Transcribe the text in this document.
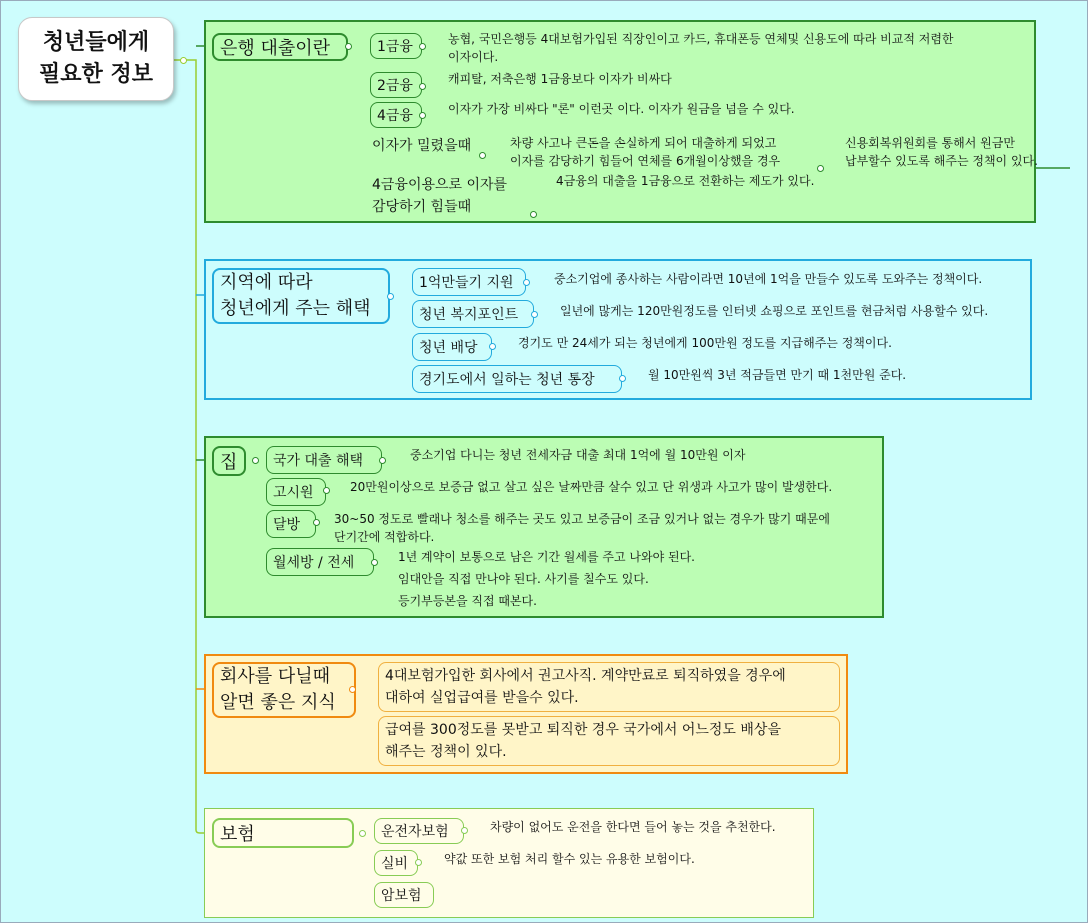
청년들에게
필요한 정보
은행 대출이란	1금융
2금융
4금융
이자가 밀렸을때
4금융이용으로 이자를
감당하기 힘들때
농협, 국민은행등 4대보험가입된 직장인이고 카드, 휴대폰등 연체및 신용도에 따라 비교적 저렴한
이자이다.
캐피탈, 저축은행 1금융보다 이자가 비싸다
이자가 가장 비싸다 "론" 이런곳 이다. 이자가 원금을 넘을 수 있다.
차량 사고나 큰돈을 손실하게 되어 대출하게 되었고
이자를 감당하기 힘들어 연체를 6개월이상했을 경우
신용회복위원회를 통해서 원금만
납부할수 있도록 해주는 정책이 있다.
4금융의 대출을 1금융으로 전환하는 제도가 있다.
지역에 따라
청년에게 주는 해택
1억만들기 지원
청년 복지포인트
청년 배당
경기도에서 일하는 청년 통장
중소기업에 종사하는 사람이라면 10년에 1억을 만들수 있도록 도와주는 정책이다.
일년에 많게는 120만원정도를 인터넷 쇼핑으로 포인트를 현금처럼 사용할수 있다.
경기도 만 24세가 되는 청년에게 100만원 정도를 지급해주는 정책이다.
월 10만원씩 3년 적금들면 만기 때 1천만원 준다.
집	국가 대출 해택
고시원
달방
월세방 / 전세
중소기업 다니는 청년 전세자금 대출 최대 1억에 월 10만원 이자
20만원이상으로 보증금 없고 살고 싶은 날짜만큼 살수 있고 단 위생과 사고가 많이 발생한다.
30~50 정도로 빨래나 청소를 해주는 곳도 있고 보증금이 조금 있거나 없는 경우가 많기 때문에
단기간에 적합하다.
1년 계약이 보통으로 남은 기간 월세를 주고 나와야 된다.
임대안을 직접 만나야 된다. 사기를 칠수도 있다.
등기부등본을 직접 때본다.
회사를 다닐때
알면 좋은 지식
4대보험가입한 회사에서 권고사직. 계약만료로 퇴직하였을 경우에
대하여 실업급여를 받을수 있다.
급여를 300정도를 못받고 퇴직한 경우 국가에서 어느정도 배상을
해주는 정책이 있다.
보험	운전자보험
실비
암보험
차량이 없어도 운전을 한다면 들어 놓는 것을 추천한다.
약값 또한 보험 처리 할수 있는 유용한 보험이다.
